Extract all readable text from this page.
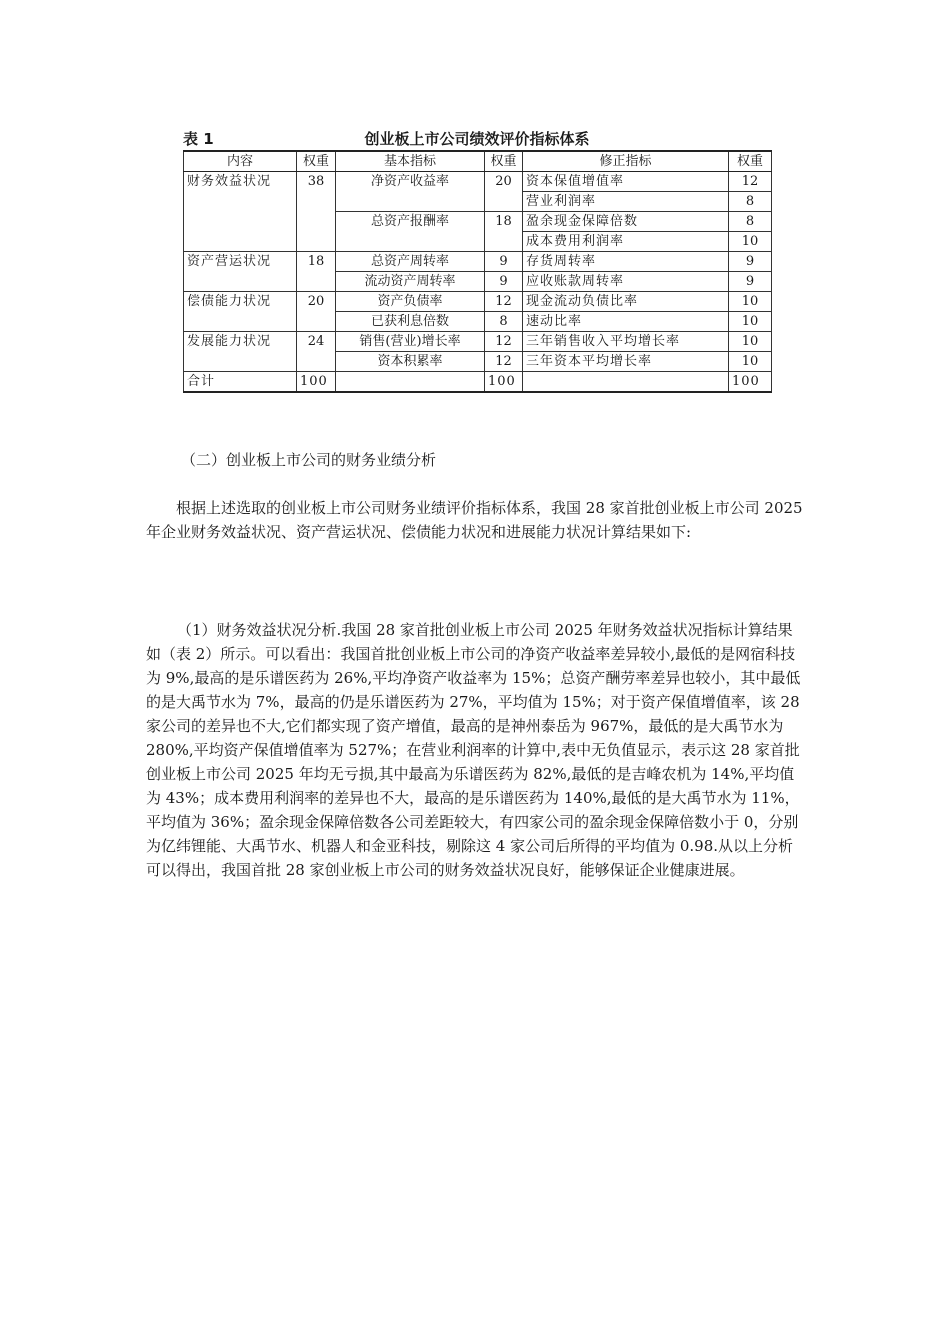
表 1	创业板上市公司绩效评价指标体系
内容	权重	基本指标	权重	修正指标	权重
财务效益状况	38	净资产收益率	20	资本保值增值率	12
				营业利润率	8
		总资产报酬率	18	盈余现金保障倍数	8
				成本费用利润率	10
资产营运状况	18	总资产周转率	9	存货周转率	9
		流动资产周转率	9	应收账款周转率	9
偿债能力状况	20	资产负债率	12	现金流动负债比率	10
		已获利息倍数	8	速动比率	10
发展能力状况	24	销售(营业)增长率	12	三年销售收入平均增长率	10
		资本积累率	12	三年资本平均增长率	10
合计	100		100		100

（二）创业板上市公司的财务业绩分析

根据上述选取的创业板上市公司财务业绩评价指标体系，我国 28 家首批创业板上市公司 2025 年企业财务效益状况、资产营运状况、偿债能力状况和进展能力状况计算结果如下:

（1）财务效益状况分析.我国 28 家首批创业板上市公司 2025 年财务效益状况指标计算结果如（表 2）所示。可以看出：我国首批创业板上市公司的净资产收益率差异较小,最低的是网宿科技为 9%,最高的是乐谱医药为 26%,平均净资产收益率为 15%；总资产酬劳率差异也较小，其中最低的是大禹节水为 7%，最高的仍是乐谱医药为 27%，平均值为 15%；对于资产保值增值率，该 28 家公司的差异也不大,它们都实现了资产增值，最高的是神州泰岳为 967%，最低的是大禹节水为 280%,平均资产保值增值率为 527%；在营业利润率的计算中,表中无负值显示，表示这 28 家首批创业板上市公司 2025 年均无亏损,其中最高为乐谱医药为 82%,最低的是吉峰农机为 14%,平均值为 43%；成本费用利润率的差异也不大，最高的是乐谱医药为 140%,最低的是大禹节水为 11%，平均值为 36%；盈余现金保障倍数各公司差距较大，有四家公司的盈余现金保障倍数小于 0，分别为亿纬锂能、大禹节水、机器人和金亚科技，剔除这 4 家公司后所得的平均值为 0.98.从以上分析可以得出，我国首批 28 家创业板上市公司的财务效益状况良好，能够保证企业健康进展。
